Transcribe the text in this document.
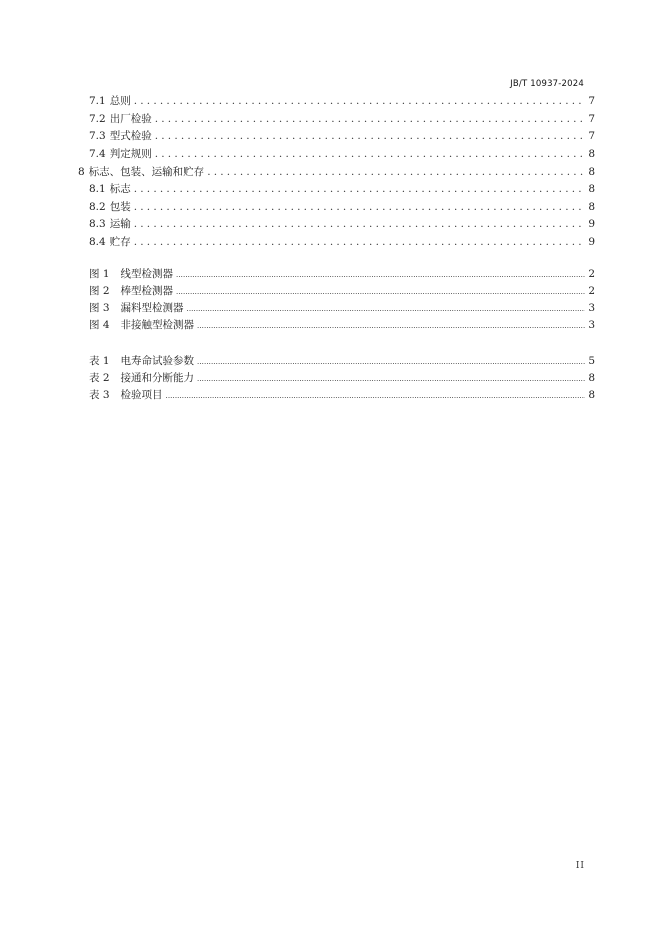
JB/T 10937-2024
7.1 总则 .....	7
7.2 出厂检验 .....	7
7.3 型式检验 .....	7
7.4 判定规则 .....	8
8 标志、包装、运输和贮存 .....	8
8.1 标志 .....	8
8.2 包装 .....	8
8.3 运输 .....	9
8.4 贮存 .....	9
图 1 线型检测器 .....	2
图 2 棒型检测器 .....	2
图 3 漏料型检测器 .....	3
图 4 非接触型检测器 .....	3
表 1 电寿命试验参数 .....	5
表 2 接通和分断能力 .....	8
表 3 检验项目 .....	8
II
